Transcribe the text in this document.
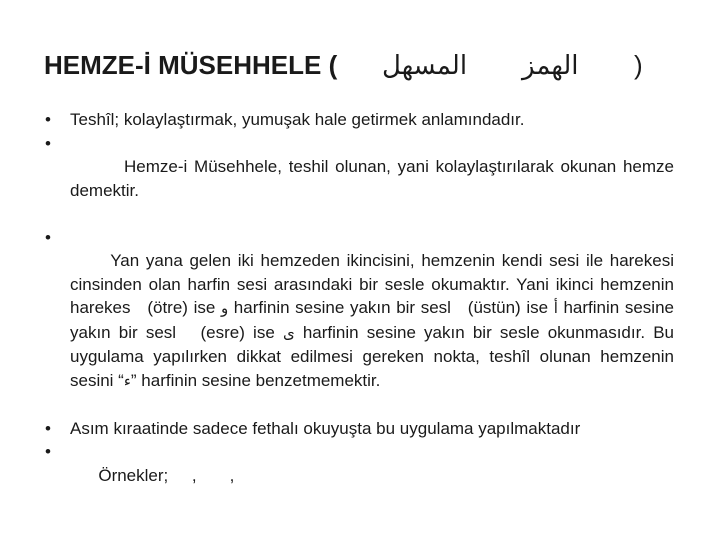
HEMZE-İ MÜSEHHELE ( المسهل الهمز )
• Teshîl; kolaylaştırmak, yumuşak hale getirmek anlamındadır.

•   Hemze-i Müsehhele, teshil olunan, yani kolaylaştırılarak okunan hemze demektir.

• Yan yana gelen iki hemzeden ikincisini, hemzenin kendi sesi ile harekesi cinsinden olan harfin sesi arasındaki bir sesle okumaktır. Yani ikinci hemzenin harekes   (ötre) ise و harfinin sesine yakın bir sesl   (üstün) ise أ harfinin sesine yakın bir sesl   (esre) ise ى harfinin sesine yakın bir sesle okunmasıdır. Bu uygulama yapılırken dikkat edilmesi gereken nokta, teshîl olunan hemzenin sesini “ء” harfinin sesine benzetmemektir.

• Asım kıraatinde sadece fethalı okuyuşta bu uygulama yapılmaktadır

• Örnekler;     ,       ,
